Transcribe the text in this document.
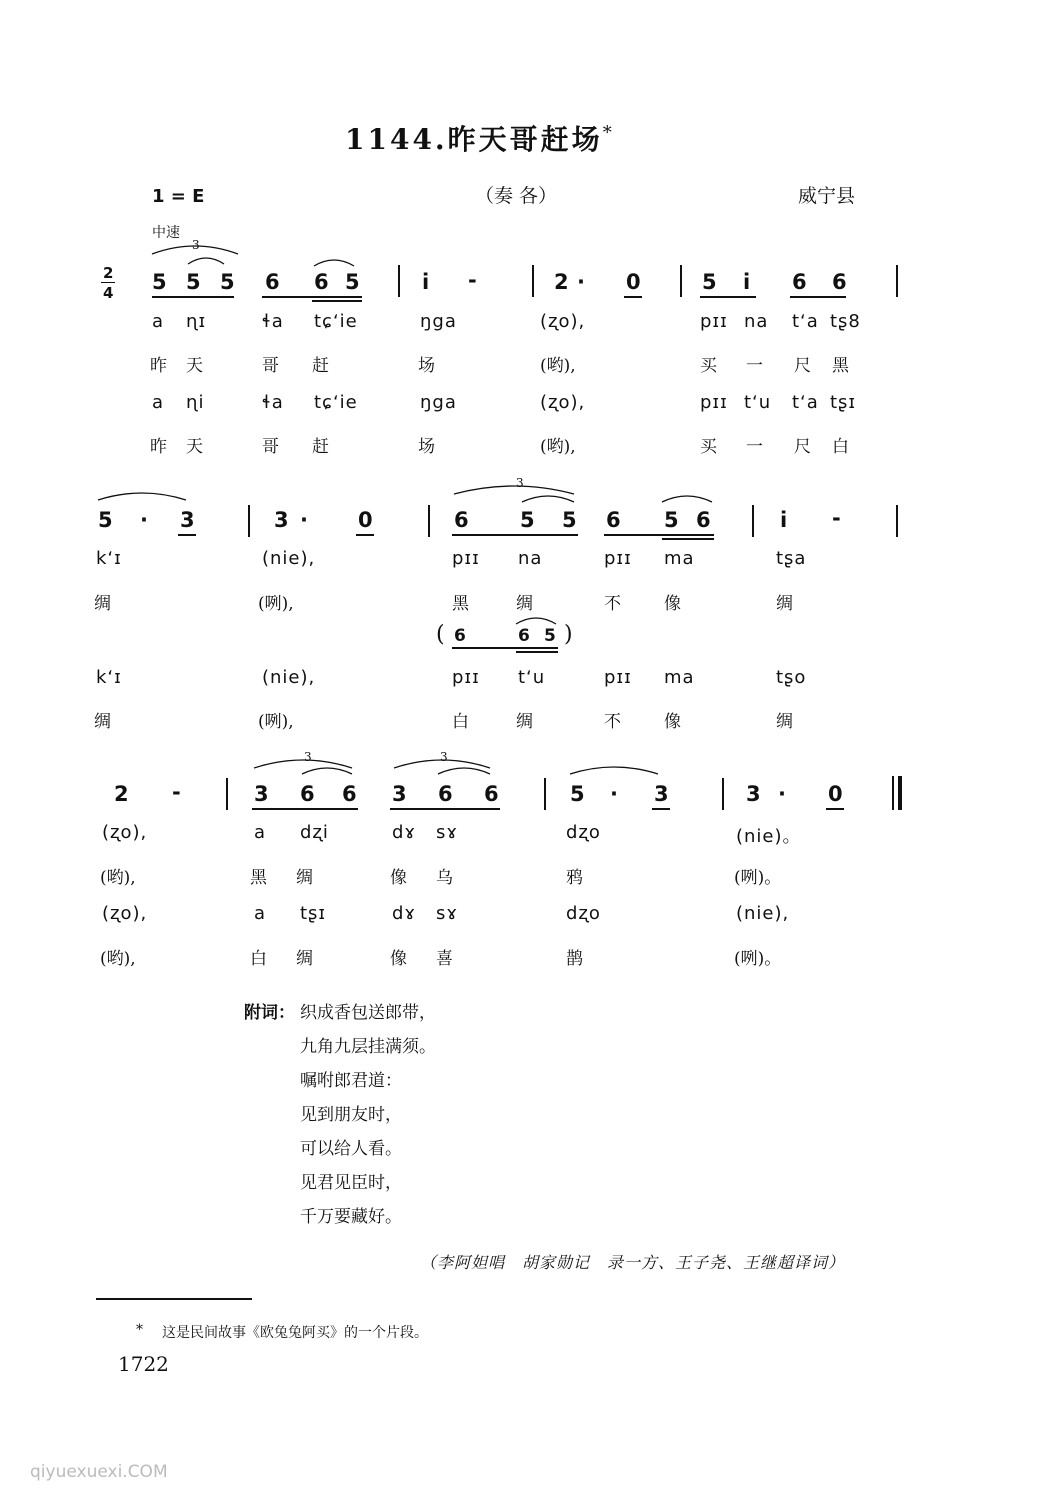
1144.昨天哥赶场*
1 = E	（奏 各）	威宁县
中速
2
4
3
5 5 5 6 6 5	i -	2 · 0	5 i 6 6
a ɳɪ	ɬa tɕʻie	ŋga	(ʐo),	pɪɪ na tʻa tʂ8
昨 天	哥 赶	场	(哟),	买 一 尺 黑
a ɳi	ɬa tɕʻie	ŋga	(ʐo),	pɪɪ tʻu tʻa tʂɪ
昨 天	哥 赶	场	(哟),	买 一 尺 白
5 · 3	3 · 0
3
6 5 5 6 5 6	i -
kʻɪ	(nie),	pɪɪ na	pɪɪ ma	tʂa
绸	(咧),	黑	绸	不	像	绸
( 6	6 5 )
kʻɪ	(nie),	pɪɪ tʻu	pɪɪ ma	tʂo
绸	(咧),	白	绸	不	像	绸
2 -
3
3 6 6
3
3 6 6	5 · 3	3 · 0
(ʐo),	a dʐi	dɤ sɤ	dʐo	(nie)。
(哟),	黑 绸	像 乌	鸦	(咧)。
(ʐo),	a tʂɪ	dɤ sɤ	dʐo	(nie),
(哟),	白 绸	像 喜	鹊	(咧)。
附词： 织成香包送郎带，
九角九层挂满须。
嘱咐郎君道：
见到朋友时，
可以给人看。
见君见臣时，
千万要藏好。
（李阿妲唱　胡家勋记　录一方、王子尧、王继超译词）
* 这是民间故事《欧兔兔阿买》的一个片段。
1722
qiyuexuexi.COM
